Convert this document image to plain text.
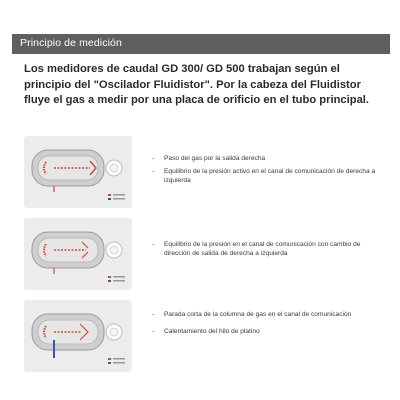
Principio de medición
Los medidores de caudal GD 300/ GD 500 trabajan según el principio del "Oscilador Fluidistor". Por la cabeza del Fluidistor fluye el gas a medir por una placa de orificio en el tubo principal.
- Paso del gas por la salida derecha
- Equilibrio de la presión activo en el canal de comunicación de derecha a izquierda
- Equilibrio de la presión en el canal de comunicación con cambio de dirección de salida de derecha a izquierda
- Parada corta de la columna de gas en el canal de comunicación
- Calentamiento del hilo de platino
